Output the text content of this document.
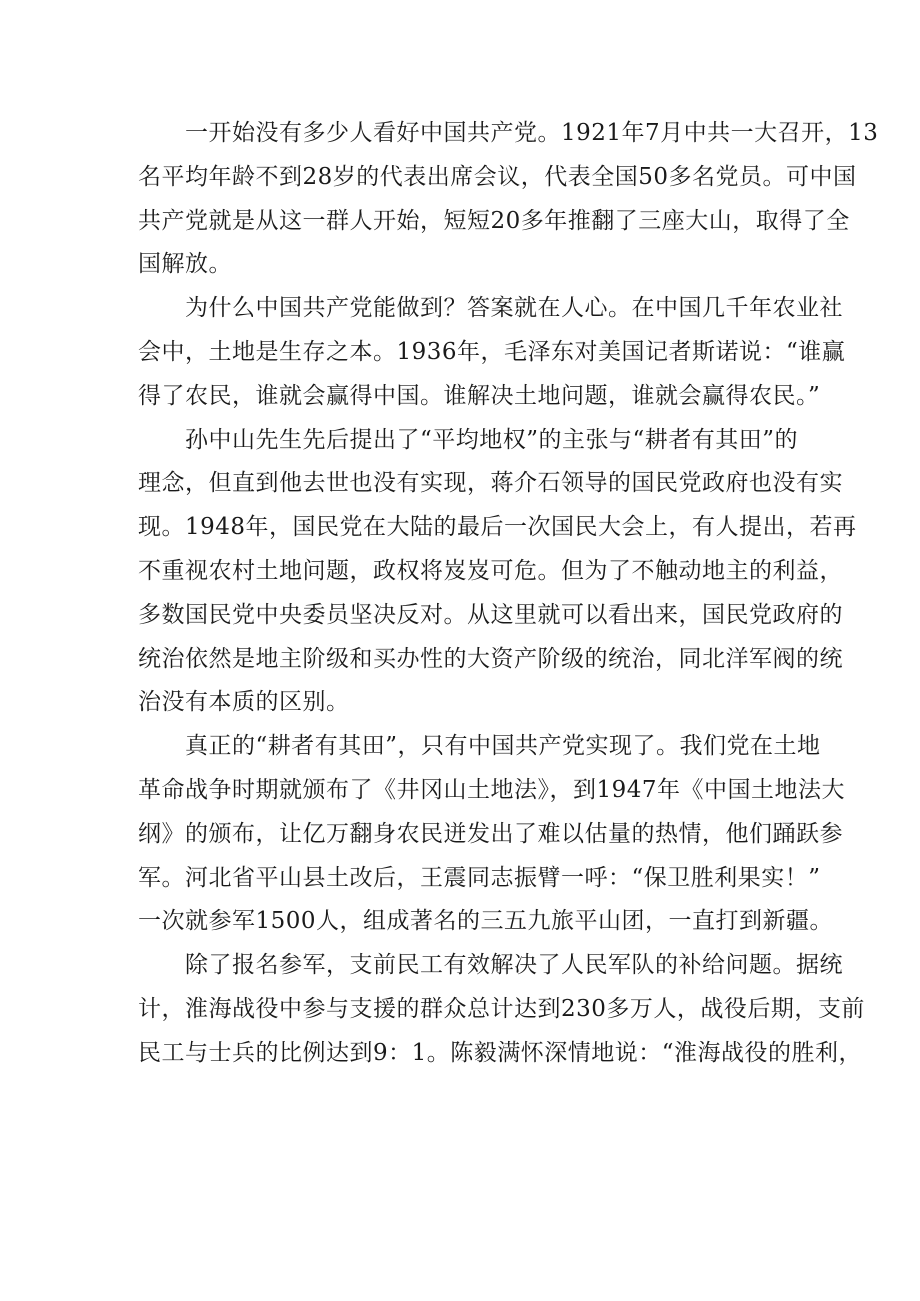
一开始没有多少人看好中国共产党。1921年7月中共一大召开，13
名平均年龄不到28岁的代表出席会议，代表全国50多名党员。可中国
共产党就是从这一群人开始，短短20多年推翻了三座大山，取得了全
国解放。
为什么中国共产党能做到？答案就在人心。在中国几千年农业社
会中，土地是生存之本。1936年，毛泽东对美国记者斯诺说：“谁赢
得了农民，谁就会赢得中国。谁解决土地问题，谁就会赢得农民。”
孙中山先生先后提出了“平均地权”的主张与“耕者有其田”的
理念，但直到他去世也没有实现，蒋介石领导的国民党政府也没有实
现。1948年，国民党在大陆的最后一次国民大会上，有人提出，若再
不重视农村土地问题，政权将岌岌可危。但为了不触动地主的利益，
多数国民党中央委员坚决反对。从这里就可以看出来，国民党政府的
统治依然是地主阶级和买办性的大资产阶级的统治，同北洋军阀的统
治没有本质的区别。
真正的“耕者有其田”，只有中国共产党实现了。我们党在土地
革命战争时期就颁布了《井冈山土地法》，到1947年《中国土地法大
纲》的颁布，让亿万翻身农民迸发出了难以估量的热情，他们踊跃参
军。河北省平山县土改后，王震同志振臂一呼：“保卫胜利果实！”
一次就参军1500人，组成著名的三五九旅平山团，一直打到新疆。
除了报名参军，支前民工有效解决了人民军队的补给问题。据统
计，淮海战役中参与支援的群众总计达到230多万人，战役后期，支前
民工与士兵的比例达到9：1。陈毅满怀深情地说：“淮海战役的胜利，
